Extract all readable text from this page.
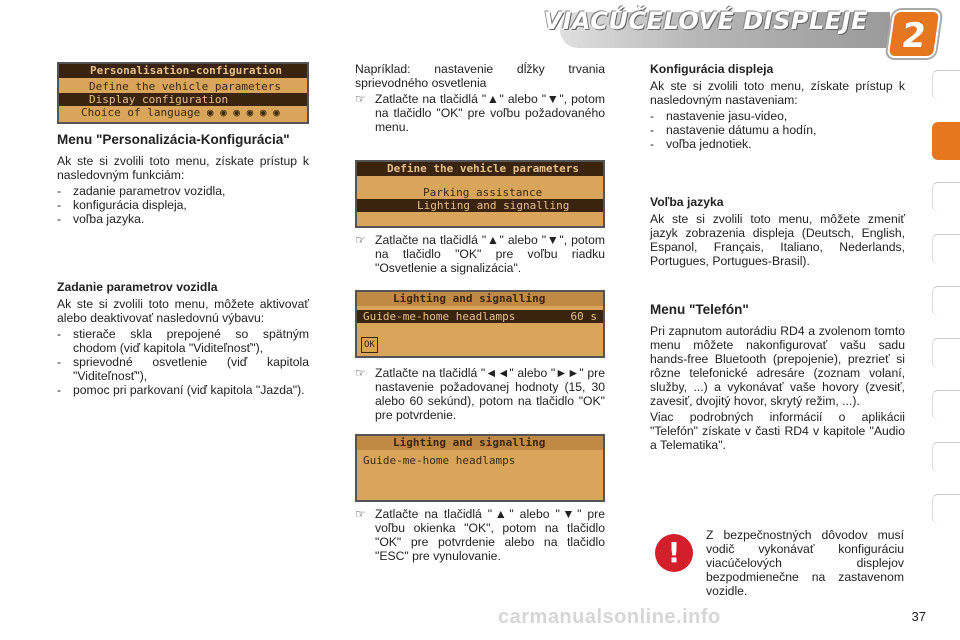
VIACÚČELOVÉ DISPLEJE 2
Personalisation-configuration
Define the vehicle parameters
Display configuration
Choice of language ◉ ◉ ◉ ◉ ◉ ◉
Menu "Personalizácia-Konfigurácia"

Ak ste si zvolili toto menu, získate prístup k nasledovným funkciám:

- zadanie parametrov vozidla,
- konfigurácia displeja,
- voľba jazyka.
Zadanie parametrov vozidla

Ak ste si zvolili toto menu, môžete aktivovať alebo deaktivovať nasledovnú výbavu:

- stierače skla prepojené so spätným chodom (viď kapitola "Viditeľnosť"),
- sprievodné osvetlenie (viď kapitola "Viditeľnosť"),
- pomoc pri parkovaní (viď kapitola "Jazda").

Napríklad: nastavenie dĺžky trvania sprievodného osvetlenia

☞ Zatlačte na tlačidlá "▲" alebo "▼", potom na tlačidlo "OK" pre voľbu požadovaného menu.
Define the vehicle parameters
Parking assistance
Lighting and signalling
☞ Zatlačte na tlačidlá "▲" alebo "▼", potom na tlačidlo "OK" pre voľbu riadku "Osvetlenie a signalizácia".
Lighting and signalling
Guide-me-home headlamps	60 s
OK
☞ Zatlačte na tlačidlá "◄◄" alebo "►►" pre nastavenie požadovanej hodnoty (15, 30 alebo 60 sekúnd), potom na tlačidlo "OK" pre potvrdenie.
Lighting and signalling
Guide-me-home headlamps
☞ Zatlačte na tlačidlá "▲" alebo "▼" pre voľbu okienka "OK", potom na tlačidlo "OK" pre potvrdenie alebo na tlačidlo "ESC" pre vynulovanie.
Konfigurácia displeja

Ak ste si zvolili toto menu, získate prístup k nasledovným nastaveniam:

- nastavenie jasu-video,
- nastavenie dátumu a hodín,
- voľba jednotiek.
Voľba jazyka

Ak ste si zvolili toto menu, môžete zmeniť jazyk zobrazenia displeja (Deutsch, English, Espanol, Français, Italiano, Nederlands, Portugues, Portugues-Brasil).

Menu "Telefón"

Pri zapnutom autorádiu RD4 a zvolenom tomto menu môžete nakonfigurovať vašu sadu hands-free Bluetooth (prepojenie), prezrieť si rôzne telefonické adresáre (zoznam volaní, služby, ...) a vykonávať vaše hovory (zvesiť, zavesiť, dvojitý hovor, skrytý režim, ...).

Viac podrobných informácií o aplikácii "Telefón" získate v časti RD4 v kapitole "Audio a Telematika".

!
Z bezpečnostných dôvodov musí vodič vykonávať konfiguráciu viacúčelových displejov bezpodmienečne na zastavenom vozidle.
carmanualsonline.info	37
